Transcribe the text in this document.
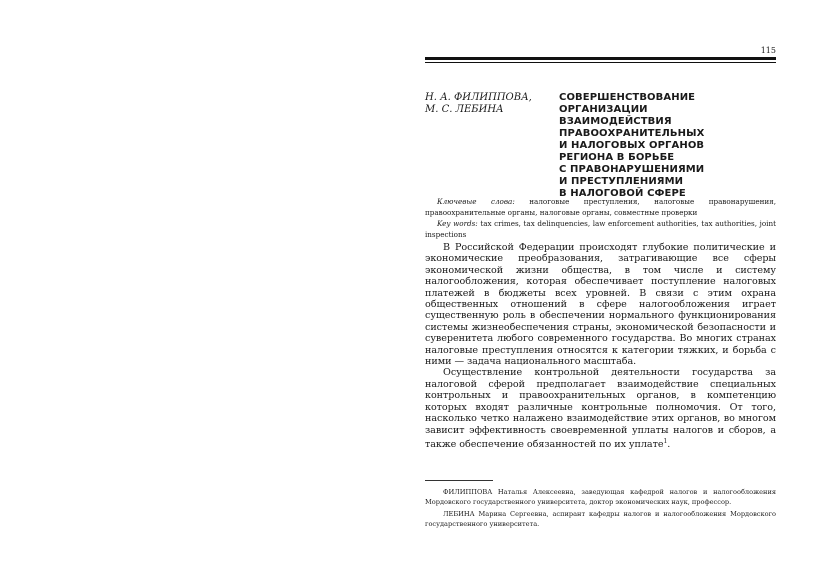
115
Н. А. ФИЛИППОВА,
М. С. ЛЕБИНА
СОВЕРШЕНСТВОВАНИЕ
ОРГАНИЗАЦИИ
ВЗАИМОДЕЙСТВИЯ
ПРАВООХРАНИТЕЛЬНЫХ
И НАЛОГОВЫХ ОРГАНОВ
РЕГИОНА В БОРЬБЕ
С ПРАВОНАРУШЕНИЯМИ
И ПРЕСТУПЛЕНИЯМИ
В НАЛОГОВОЙ СФЕРЕ

Ключевые слова: налоговые преступления, налоговые правонарушения, правоохранительные органы, налоговые органы, совместные проверки

Key words: tax crimes, tax delinquencies, law enforcement authorities, tax authorities, joint inspections

В Российской Федерации происходят глубокие политические и экономические преобразования, затрагивающие все сферы экономической жизни общества, в том числе и систему налогообложения, которая обеспечивает поступление налоговых платежей в бюджеты всех уровней. В связи с этим охрана общественных отношений в сфере налогообложения играет существенную роль в обеспечении нормального функционирования системы жизнеобеспечения страны, экономической безопасности и суверенитета любого современного государства. Во многих странах налоговые преступления относятся к категории тяжких, и борьба с ними — задача национального масштаба.

Осуществление контрольной деятельности государства за налоговой сферой предполагает взаимодействие специальных контрольных и правоохранительных органов, в компетенцию которых входят различные контрольные полномочия. От того, насколько четко налажено взаимодействие этих органов, во многом зависит эффективность своевременной уплаты налогов и сборов, а также обеспечение обязанностей по их уплате$^1$.

ФИЛИППОВА Наталья Алексеевна, заведующая кафедрой налогов и налогообложения Мордовского государственного университета, доктор экономических наук, профессор.

ЛЕБИНА Марина Сергеевна, аспирант кафедры налогов и налогообложения Мордовского государственного университета.
